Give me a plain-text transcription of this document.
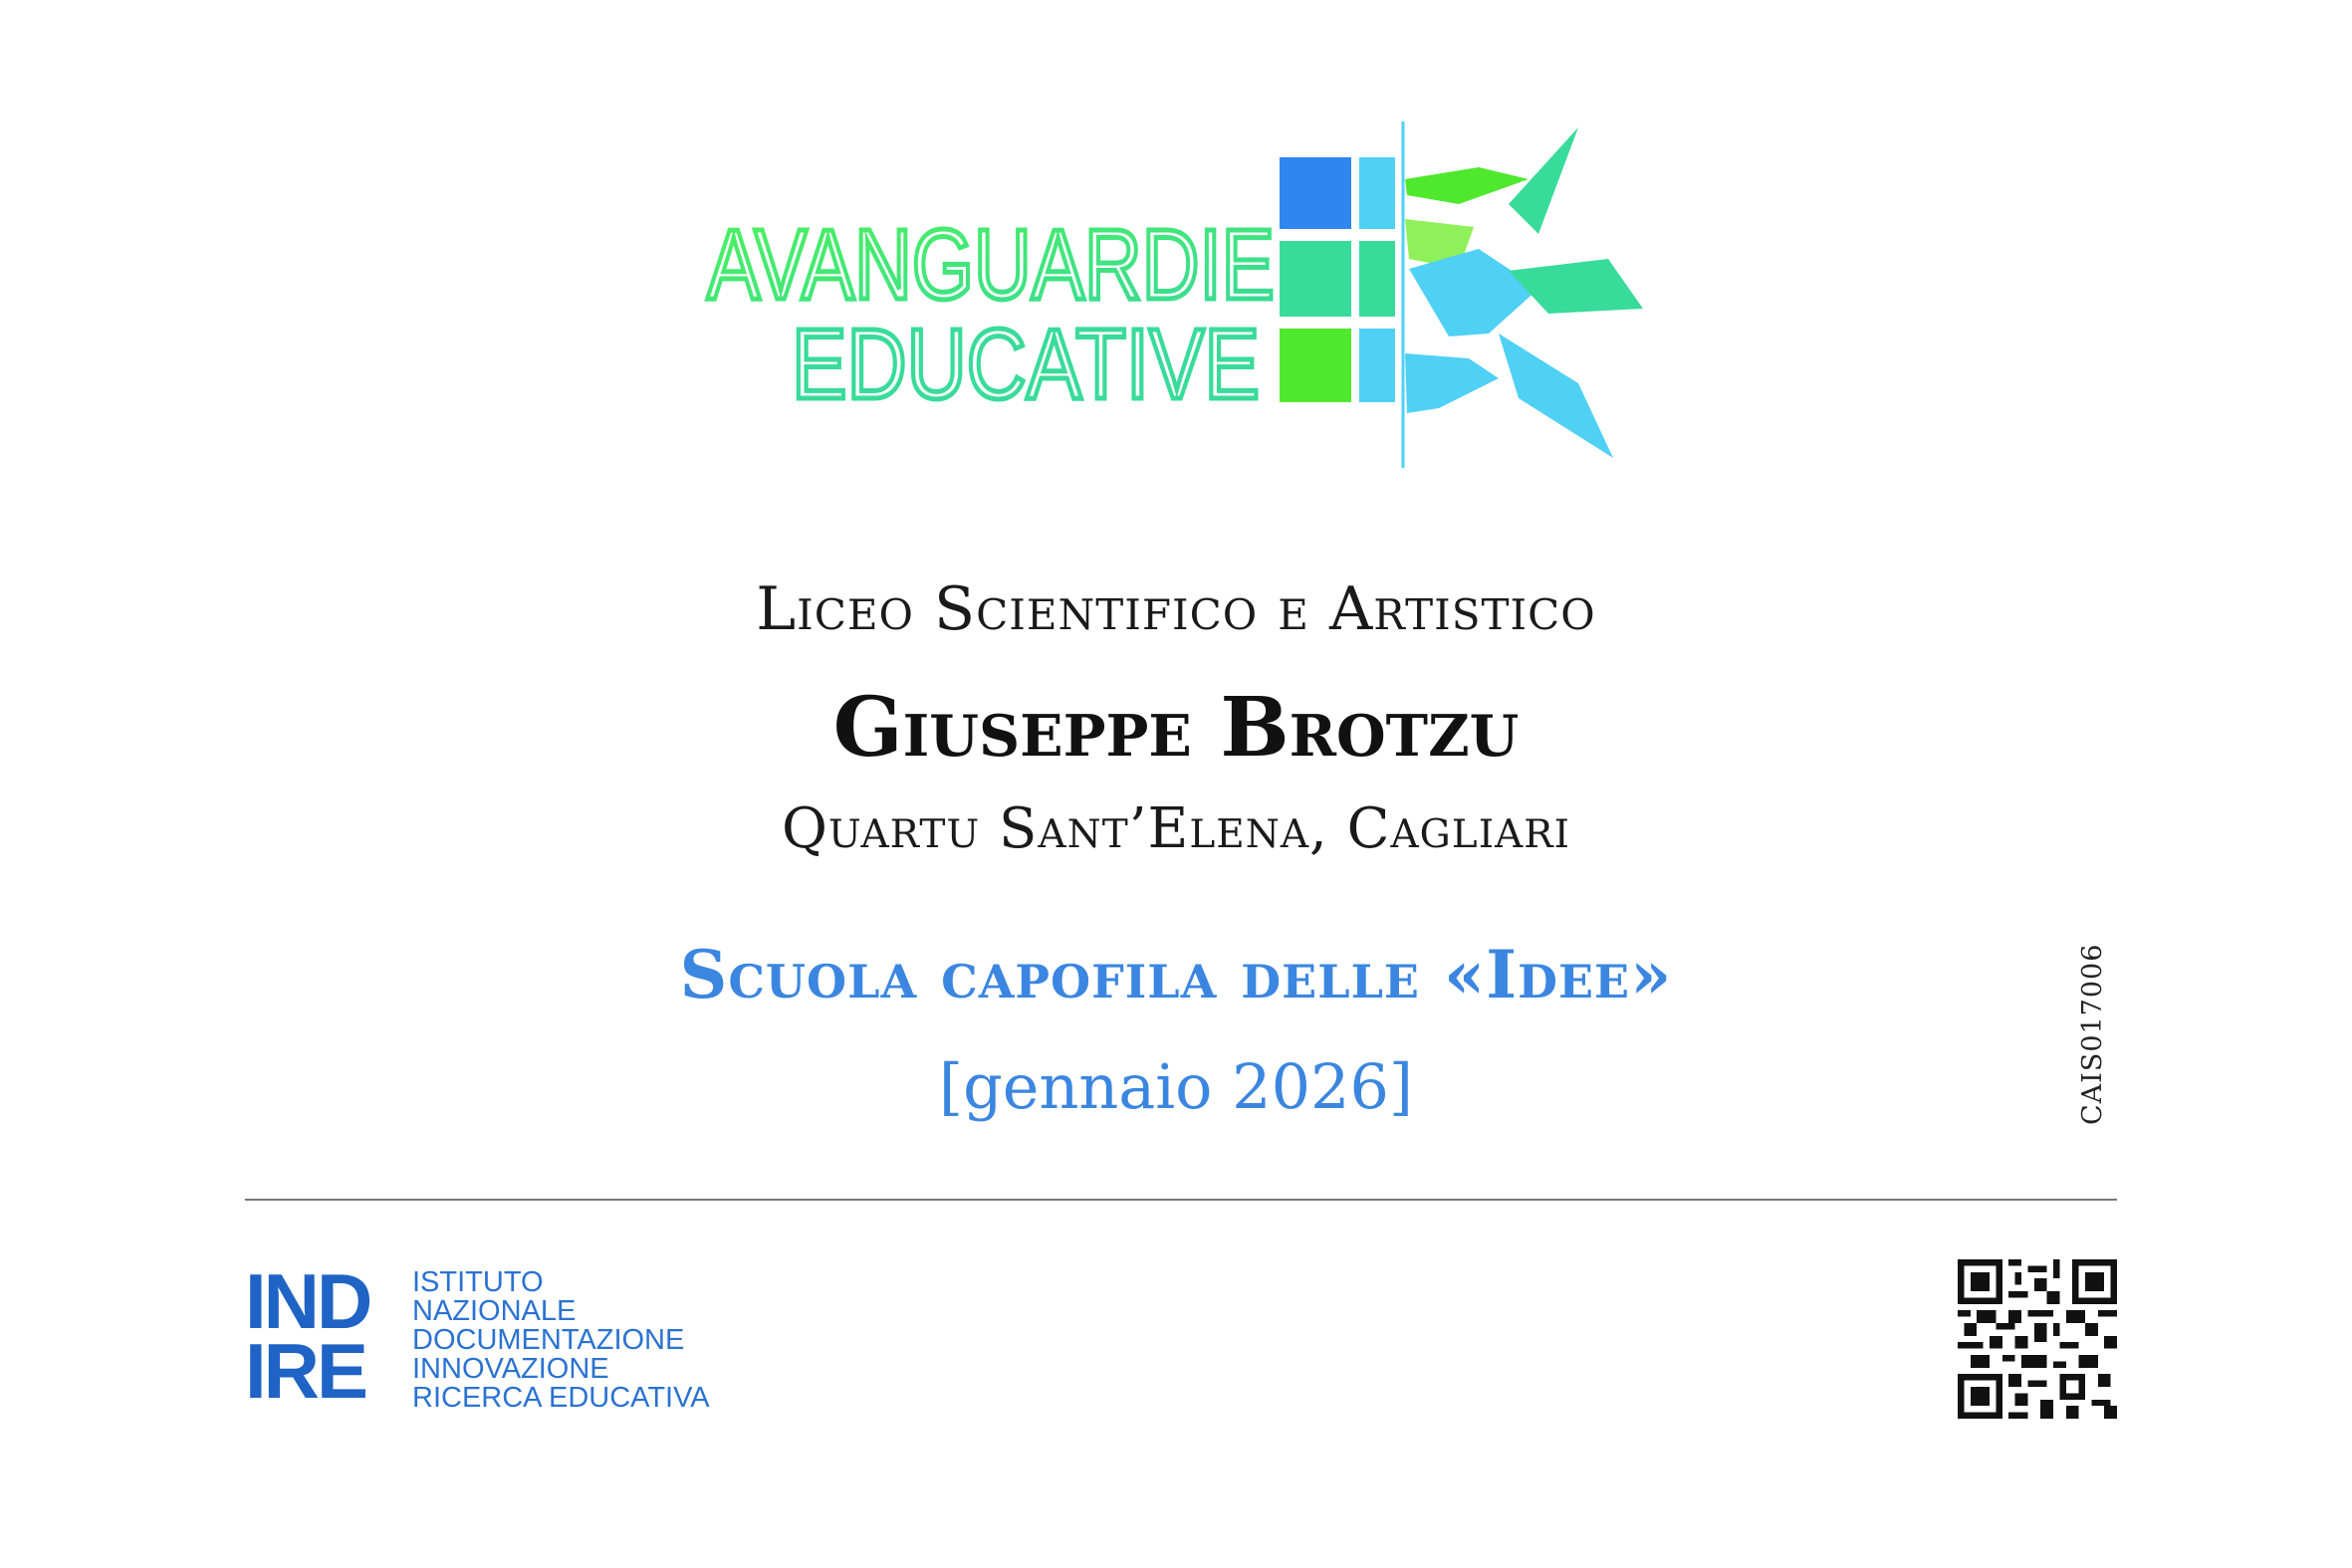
AVANGUARDIE
EDUCATIVE
Liceo Scientifico e Artistico
Giuseppe Brotzu
Quartu Sant’Elena, Cagliari
Scuola capofila delle «Idee»
[gennaio 2026]	CAIS017006
IND
IRE
ISTITUTO
NAZIONALE
DOCUMENTAZIONE
INNOVAZIONE
RICERCA EDUCATIVA
